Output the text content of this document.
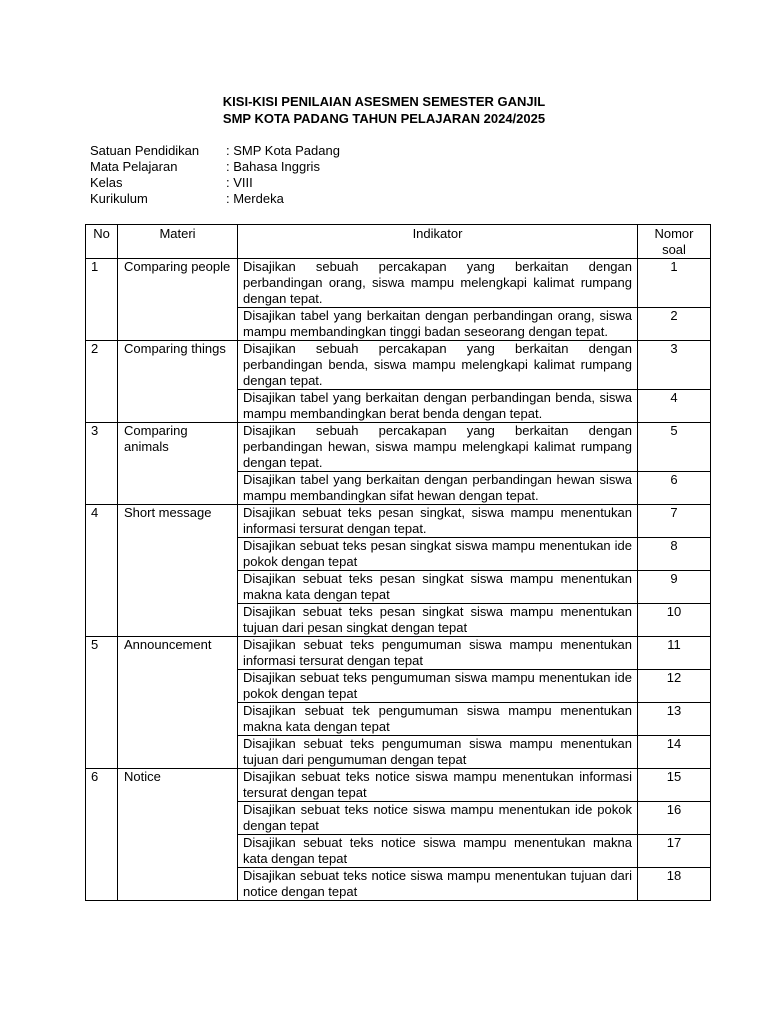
KISI-KISI PENILAIAN ASESMEN SEMESTER GANJIL
SMP KOTA PADANG TAHUN PELAJARAN 2024/2025
Satuan Pendidikan	: SMP Kota Padang
Mata Pelajaran	: Bahasa Inggris
Kelas	: VIII
Kurikulum	: Merdeka
No	Materi	Indikator	Nomor soal
1	Comparing people	Disajikan sebuah percakapan yang berkaitan dengan perbandingan orang, siswa mampu melengkapi kalimat rumpang dengan tepat.	1
		Disajikan tabel yang berkaitan dengan perbandingan orang, siswa mampu membandingkan tinggi badan seseorang dengan tepat.	2
2	Comparing things	Disajikan sebuah percakapan yang berkaitan dengan perbandingan benda, siswa mampu melengkapi kalimat rumpang dengan tepat.	3
		Disajikan tabel yang berkaitan dengan perbandingan benda, siswa mampu membandingkan berat benda dengan tepat.	4
3	Comparing animals	Disajikan sebuah percakapan yang berkaitan dengan perbandingan hewan, siswa mampu melengkapi kalimat rumpang dengan tepat.	5
		Disajikan tabel yang berkaitan dengan perbandingan hewan siswa mampu membandingkan sifat hewan dengan tepat.	6
4	Short message	Disajikan sebuat teks pesan singkat, siswa mampu menentukan informasi tersurat dengan tepat.	7
		Disajikan sebuat teks pesan singkat siswa mampu menentukan ide pokok dengan tepat	8
		Disajikan sebuat teks pesan singkat siswa mampu menentukan makna kata dengan tepat	9
		Disajikan sebuat teks pesan singkat siswa mampu menentukan tujuan dari pesan singkat dengan tepat	10
5	Announcement	Disajikan sebuat teks pengumuman siswa mampu menentukan informasi tersurat dengan tepat	11
		Disajikan sebuat teks pengumuman siswa mampu menentukan ide pokok dengan tepat	12
		Disajikan sebuat tek pengumuman siswa mampu menentukan makna kata dengan tepat	13
		Disajikan sebuat teks pengumuman siswa mampu menentukan tujuan dari pengumuman dengan tepat	14
6	Notice	Disajikan sebuat teks notice siswa mampu menentukan informasi tersurat dengan tepat	15
		Disajikan sebuat teks notice siswa mampu menentukan ide pokok dengan tepat	16
		Disajikan sebuat teks notice siswa mampu menentukan makna kata dengan tepat	17
		Disajikan sebuat teks notice siswa mampu menentukan tujuan dari notice dengan tepat	18
